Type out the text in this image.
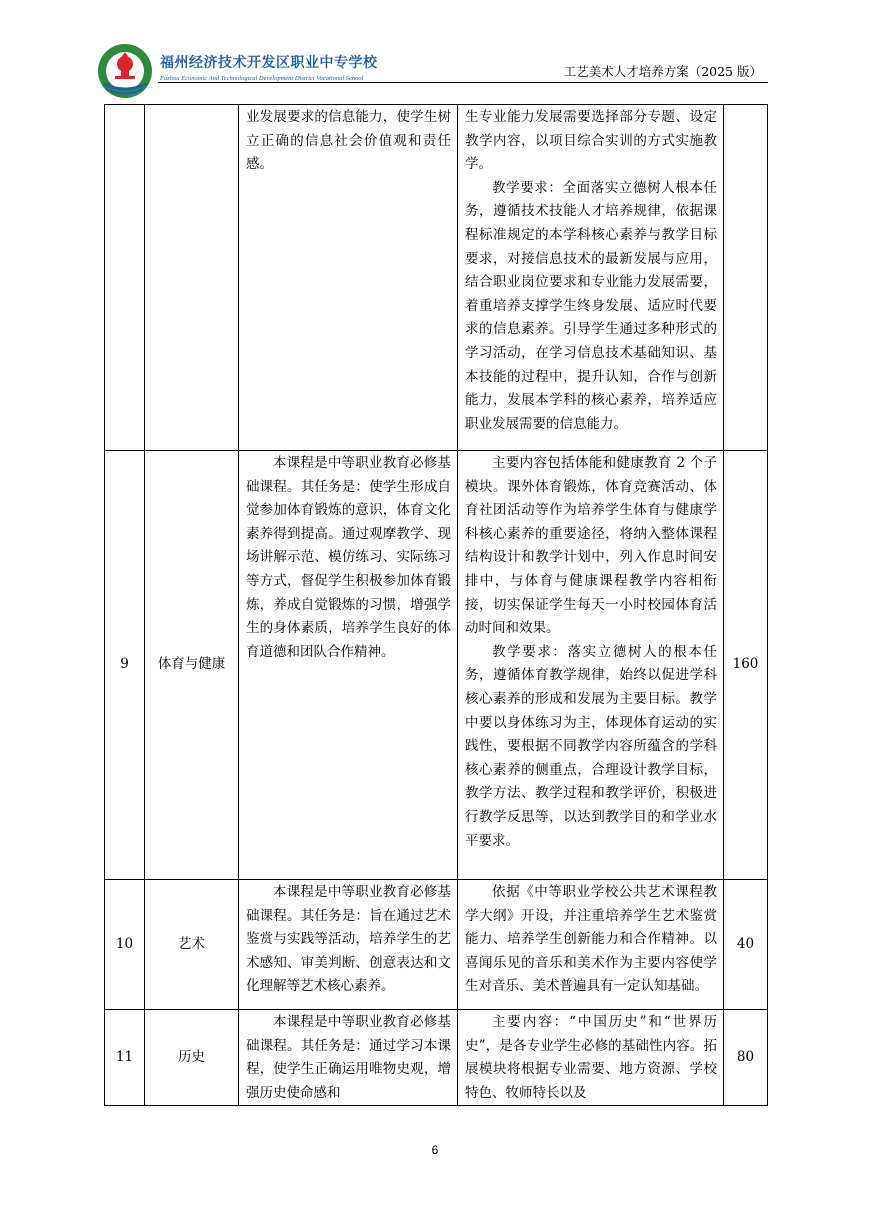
福州经济技术开发区职业中专学校
Fuzhou Economic And Technological Development District Vocational School	工艺美术人才培养方案（2025 版）

		业发展要求的信息能力，使学生树立正确的信息社会价值观和责任感。	生专业能力发展需要选择部分专题、设定教学内容，以项目综合实训的方式实施教学。

教学要求：全面落实立德树人根本任务，遵循技术技能人才培养规律，依据课程标准规定的本学科核心素养与教学目标要求，对接信息技术的最新发展与应用，结合职业岗位要求和专业能力发展需要，着重培养支撑学生终身发展、适应时代要求的信息素养。引导学生通过多种形式的学习活动，在学习信息技术基础知识、基本技能的过程中，提升认知，合作与创新能力，发展本学科的核心素养，培养适应职业发展需要的信息能力。	

9	体育与健康	本课程是中等职业教育必修基础课程。其任务是：使学生形成自觉参加体育锻炼的意识，体育文化素养得到提高。通过观摩教学、现场讲解示范、模仿练习、实际练习等方式，督促学生积极参加体育锻炼，养成自觉锻炼的习惯，增强学生的身体素质，培养学生良好的体育道德和团队合作精神。	主要内容包括体能和健康教育 2 个子模块。课外体育锻炼，体育竞赛活动、体育社团活动等作为培养学生体育与健康学科核心素养的重要途径，将纳入整体课程结构设计和教学计划中，列入作息时间安排中，与体育与健康课程教学内容相衔接，切实保证学生每天一小时校园体育活动时间和效果。

教学要求：落实立德树人的根本任务，遵循体育教学规律，始终以促进学科核心素养的形成和发展为主要目标。教学中要以身体练习为主，体现体育运动的实践性，要根据不同教学内容所蕴含的学科核心素养的侧重点，合理设计教学目标，教学方法、教学过程和教学评价，积极进行教学反思等，以达到教学目的和学业水平要求。	160
10	艺术	本课程是中等职业教育必修基础课程。其任务是：旨在通过艺术鉴赏与实践等活动，培养学生的艺术感知、审美判断、创意表达和文化理解等艺术核心素养。	依据《中等职业学校公共艺术课程教学大纲》开设，并注重培养学生艺术鉴赏能力、培养学生创新能力和合作精神。以喜闻乐见的音乐和美术作为主要内容使学生对音乐、美术普遍具有一定认知基础。	40
11	历史	本课程是中等职业教育必修基础课程。其任务是：通过学习本课程，使学生正确运用唯物史观，增强历史使命感和	主要内容：“中国历史”和“世界历史”，是各专业学生必修的基础性内容。拓展模块将根据专业需要、地方资源、学校特色、牧师特长以及	80
6
